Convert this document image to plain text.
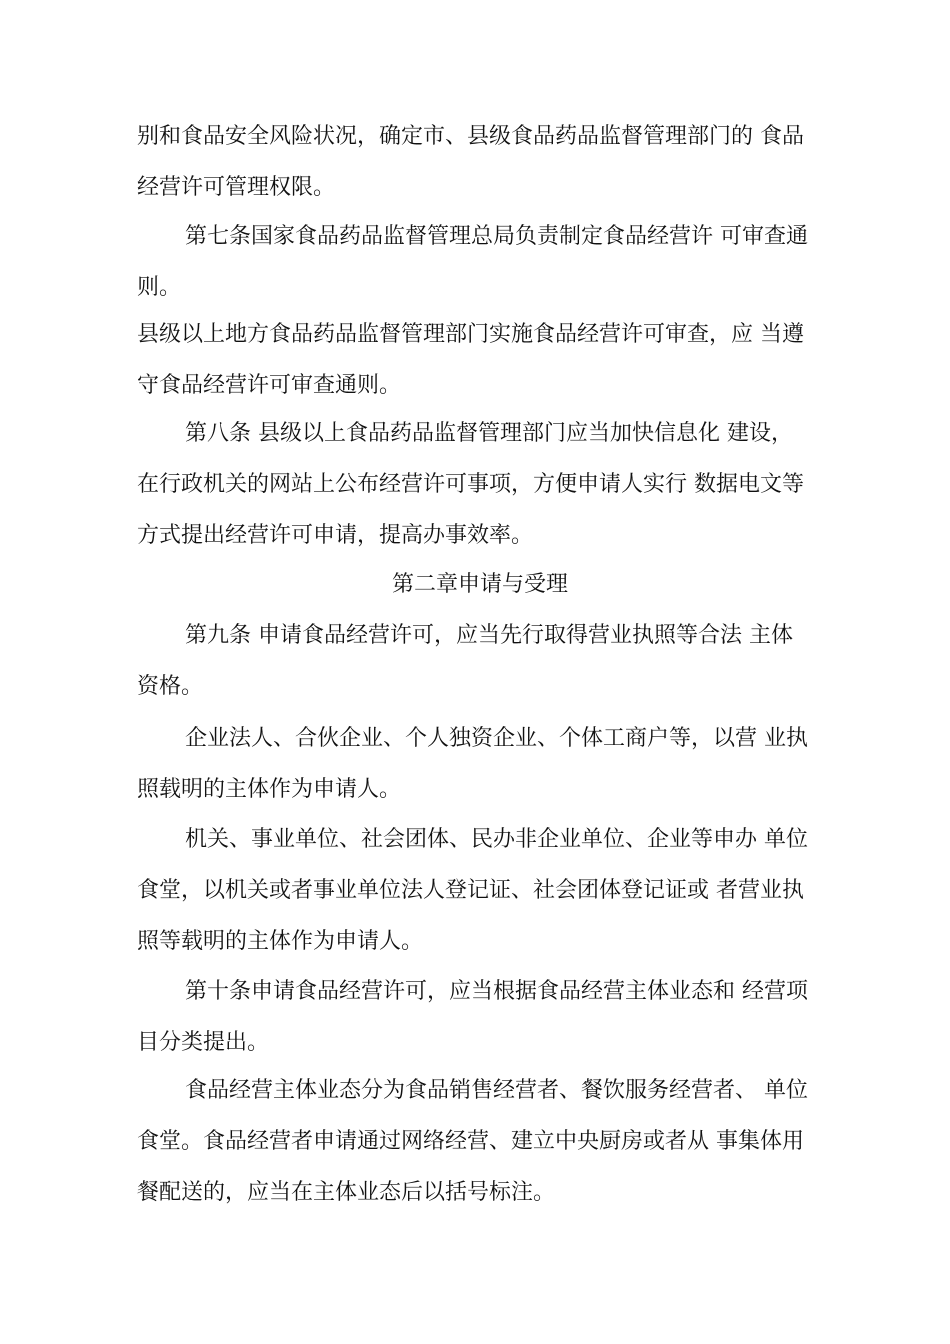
别和食品安全风险状况，确定市、县级食品药品监督管理部门的 食品
经营许可管理权限。
第七条国家食品药品监督管理总局负责制定食品经营许 可审查通
则。
县级以上地方食品药品监督管理部门实施食品经营许可审查，应 当遵
守食品经营许可审查通则。
第八条 县级以上食品药品监督管理部门应当加快信息化 建设，
在行政机关的网站上公布经营许可事项，方便申请人实行 数据电文等
方式提出经营许可申请，提高办事效率。
第二章申请与受理
第九条 申请食品经营许可，应当先行取得营业执照等合法 主体
资格。
企业法人、合伙企业、个人独资企业、个体工商户等，以营 业执
照载明的主体作为申请人。
机关、事业单位、社会团体、民办非企业单位、企业等申办 单位
食堂，以机关或者事业单位法人登记证、社会团体登记证或 者营业执
照等载明的主体作为申请人。
第十条申请食品经营许可，应当根据食品经营主体业态和 经营项
目分类提出。
食品经营主体业态分为食品销售经营者、餐饮服务经营者、 单位
食堂。食品经营者申请通过网络经营、建立中央厨房或者从 事集体用
餐配送的，应当在主体业态后以括号标注。
